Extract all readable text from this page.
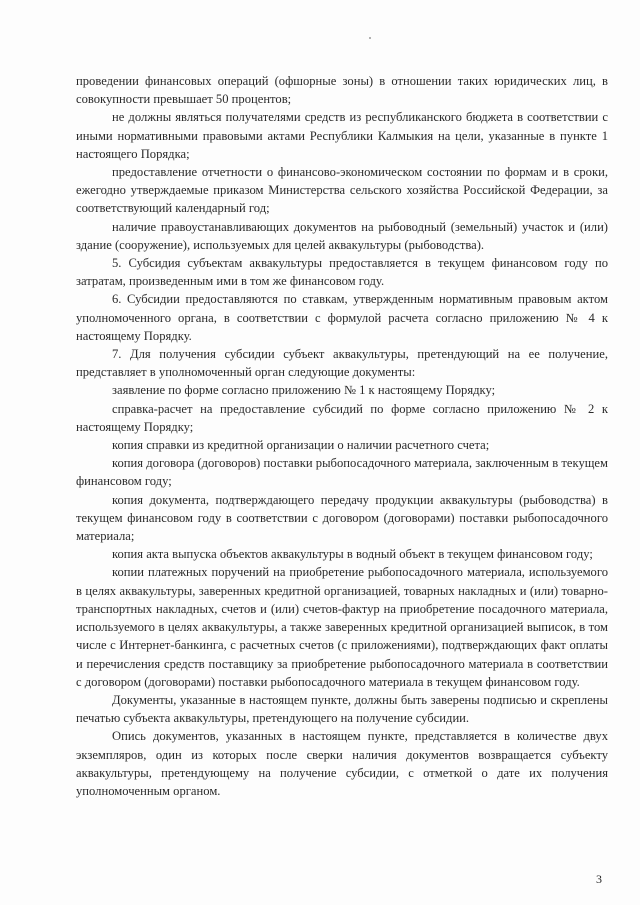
проведении финансовых операций (офшорные зоны) в отношении таких юридических лиц, в совокупности превышает 50 процентов;

не должны являться получателями средств из республиканского бюджета в соответствии с иными нормативными правовыми актами Республики Калмыкия на цели, указанные в пункте 1 настоящего Порядка;

предоставление отчетности о финансово-экономическом состоянии по формам и в сроки, ежегодно утверждаемые приказом Министерства сельского хозяйства Российской Федерации, за соответствующий календарный год;

наличие правоустанавливающих документов на рыбоводный (земельный) участок и (или) здание (сооружение), используемых для целей аквакультуры (рыбоводства).

5. Субсидия субъектам аквакультуры предоставляется в текущем финансовом году по затратам, произведенным ими в том же финансовом году.

6. Субсидии предоставляются по ставкам, утвержденным нормативным правовым актом уполномоченного органа, в соответствии с формулой расчета согласно приложению № 4 к настоящему Порядку.

7. Для получения субсидии субъект аквакультуры, претендующий на ее получение, представляет в уполномоченный орган следующие документы:

заявление по форме согласно приложению № 1 к настоящему Порядку;

справка-расчет на предоставление субсидий по форме согласно приложению № 2 к настоящему Порядку;

копия справки из кредитной организации о наличии расчетного счета;

копия договора (договоров) поставки рыбопосадочного материала, заключенным в текущем финансовом году;

копия документа, подтверждающего передачу продукции аквакультуры (рыбоводства) в текущем финансовом году в соответствии с договором (договорами) поставки рыбопосадочного материала;

копия акта выпуска объектов аквакультуры в водный объект в текущем финансовом году;

копии платежных поручений на приобретение рыбопосадочного материала, используемого в целях аквакультуры, заверенных кредитной организацией, товарных накладных и (или) товарно-транспортных накладных, счетов и (или) счетов-фактур на приобретение посадочного материала, используемого в целях аквакультуры, а также заверенных кредитной организацией выписок, в том числе с Интернет-банкинга, с расчетных счетов (с приложениями), подтверждающих факт оплаты и перечисления средств поставщику за приобретение рыбопосадочного материала в соответствии с договором (договорами) поставки рыбопосадочного материала в текущем финансовом году.

Документы, указанные в настоящем пункте, должны быть заверены подписью и скреплены печатью субъекта аквакультуры, претендующего на получение субсидии.

Опись документов, указанных в настоящем пункте, представляется в количестве двух экземпляров, один из которых после сверки наличия документов возвращается субъекту аквакультуры, претендующему на получение субсидии, с отметкой о дате их получения уполномоченным органом.

3
